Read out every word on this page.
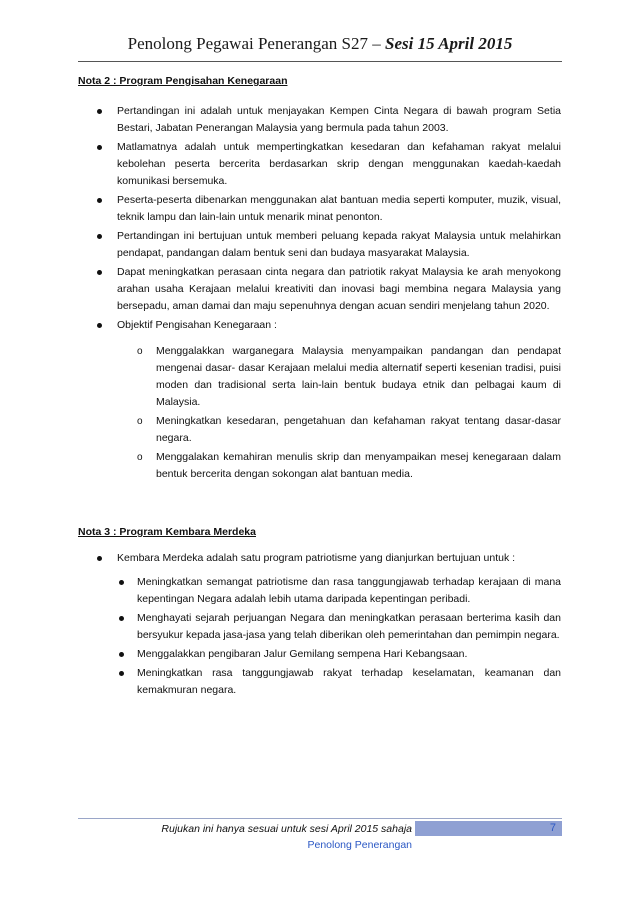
Penolong Pegawai Penerangan S27 – Sesi 15 April 2015
Nota 2 : Program Pengisahan Kenegaraan
Pertandingan ini adalah untuk menjayakan Kempen Cinta Negara di bawah program Setia Bestari, Jabatan Penerangan Malaysia yang bermula pada tahun 2003.
Matlamatnya adalah untuk mempertingkatkan kesedaran dan kefahaman rakyat melalui kebolehan peserta bercerita berdasarkan skrip dengan menggunakan kaedah-kaedah komunikasi bersemuka.
Peserta-peserta dibenarkan menggunakan alat bantuan media seperti komputer, muzik, visual, teknik lampu dan lain-lain untuk menarik minat penonton.
Pertandingan ini bertujuan untuk memberi peluang kepada rakyat Malaysia untuk melahirkan pendapat, pandangan dalam bentuk seni dan budaya masyarakat Malaysia.
Dapat meningkatkan perasaan cinta negara dan patriotik rakyat Malaysia ke arah menyokong arahan usaha Kerajaan melalui kreativiti dan inovasi bagi membina negara Malaysia yang bersepadu, aman damai dan maju sepenuhnya dengan acuan sendiri menjelang tahun 2020.
Objektif Pengisahan Kenegaraan :
o Menggalakkan warganegara Malaysia menyampaikan pandangan dan pendapat mengenai dasar- dasar Kerajaan melalui media alternatif seperti kesenian tradisi, puisi moden dan tradisional serta lain-lain bentuk budaya etnik dan pelbagai kaum di Malaysia.
o Meningkatkan kesedaran, pengetahuan dan kefahaman rakyat tentang dasar-dasar negara.
o Menggalakan kemahiran menulis skrip dan menyampaikan mesej kenegaraan dalam bentuk bercerita dengan sokongan alat bantuan media.
Nota 3 : Program Kembara Merdeka
Kembara Merdeka adalah satu program patriotisme yang dianjurkan bertujuan untuk :
Meningkatkan semangat patriotisme dan rasa tanggungjawab terhadap kerajaan di mana kepentingan Negara adalah lebih utama daripada kepentingan peribadi.
Menghayati sejarah perjuangan Negara dan meningkatkan perasaan berterima kasih dan bersyukur kepada jasa-jasa yang telah diberikan oleh pemerintahan dan pemimpin negara.
Menggalakkan pengibaran Jalur Gemilang sempena Hari Kebangsaan.
Meningkatkan rasa tanggungjawab rakyat terhadap keselamatan, keamanan dan kemakmuran negara.
Rujukan ini hanya sesuai untuk sesi April 2015 sahaja
Penolong Penerangan
7
